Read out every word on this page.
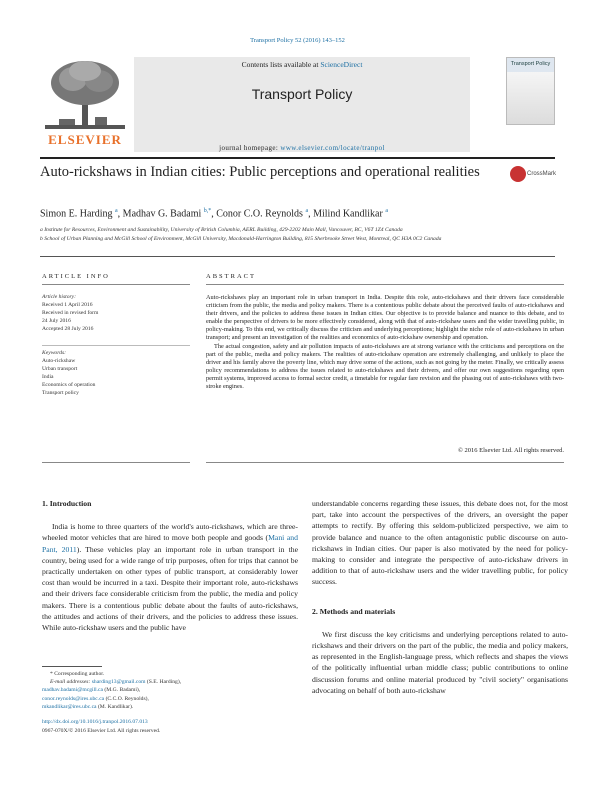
Transport Policy 52 (2016) 143–152
ELSEVIER
Contents lists available at ScienceDirect
Transport Policy
journal homepage: www.elsevier.com/locate/tranpol
Transport Policy
Auto-rickshaws in Indian cities: Public perceptions and operational realities	CrossMark
Simon E. Harding $^a$, Madhav G. Badami $^{b,*}$, Conor C.O. Reynolds $^a$, Milind Kandlikar $^a$
a Institute for Resources, Environment and Sustainability, University of British Columbia, AERL Building, 429-2202 Main Mall, Vancouver, BC, V6T 1Z4 Canada
b School of Urban Planning and McGill School of Environment, McGill University, Macdonald-Harrington Building, 815 Sherbrooke Street West, Montreal, QC H3A 0C2 Canada
ARTICLE INFO	ABSTRACT
Article history:
Received 1 April 2016
Received in revised form
24 July 2016
Accepted 28 July 2016
Keywords:
Auto-rickshaw
Urban transport
India
Economics of operation
Transport policy

Auto-rickshaws play an important role in urban transport in India. Despite this role, auto-rickshaws and their drivers face considerable criticism from the public, the media and policy makers. There is a contentious public debate about the perceived faults of auto-rickshaws and their drivers, and the policies to address these issues in Indian cities. Our objective is to provide balance and nuance to this debate, and to enable the perspective of drivers to be more effectively considered, along with that of auto-rickshaw users and the wider travelling public, in policy-making. To this end, we critically discuss the criticism and underlying perceptions; highlight the niche role of auto-rickshaws in urban transport; and present an investigation of the realities and economics of auto-rickshaw ownership and operation.

The actual congestion, safety and air pollution impacts of auto-rickshaws are at strong variance with the criticisms and perceptions on the part of the public, media and policy makers. The realities of auto-rickshaw operation are extremely challenging, and unlikely to place the driver and his family above the poverty line, which may drive some of the actions, such as not going by the meter. Finally, we critically assess policy recommendations to address the issues related to auto-rickshaws and their drivers, and offer our own suggestions regarding open permit systems, improved access to formal sector credit, a timetable for regular fare revision and the phasing out of auto-rickshaws with two-stroke engines.

© 2016 Elsevier Ltd. All rights reserved.
1. Introduction

India is home to three quarters of the world's auto-rickshaws, which are three-wheeled motor vehicles that are hired to move both people and goods (Mani and Pant, 2011). These vehicles play an important role in urban transport in the country, being used for a wide range of trip purposes, often for trips that cannot be practically undertaken on other types of public transport, at considerably lower cost than would be incurred in a taxi. Despite their important role, auto-rickshaws and their drivers face considerable criticism from the public, the media and policy makers. There is a contentious public debate about the faults of auto-rickshaws, the attitudes and actions of their drivers, and the policies to address these issues. While auto-rickshaw users and the public have

understandable concerns regarding these issues, this debate does not, for the most part, take into account the perspectives of the drivers, an oversight the paper attempts to rectify. By offering this seldom-publicized perspective, we aim to provide balance and nuance to the often antagonistic public discourse on auto-rickshaws in Indian cities. Our paper is also motivated by the need for policy-making to consider and integrate the perspective of auto-rickshaw drivers in addition to that of auto-rickshaw users and the wider travelling public, for policy success.

2. Methods and materials

We first discuss the key criticisms and underlying perceptions related to auto-rickshaws and their drivers on the part of the public, the media and policy makers, as represented in the English-language press, which reflects and shapes the views of the politically influential urban middle class; public contributions to online discussion forums and online material produced by "civil society" organisations advocating on behalf of both auto-rickshaw

* Corresponding author.
E-mail addresses: sharding13@gmail.com (S.E. Harding),
madhav.badami@mcgill.ca (M.G. Badami),
conor.reynolds@ires.ubc.ca (C.C.O. Reynolds),
mkandlikar@ires.ubc.ca (M. Kandlikar).
http://dx.doi.org/10.1016/j.tranpol.2016.07.013
0967-070X/© 2016 Elsevier Ltd. All rights reserved.
